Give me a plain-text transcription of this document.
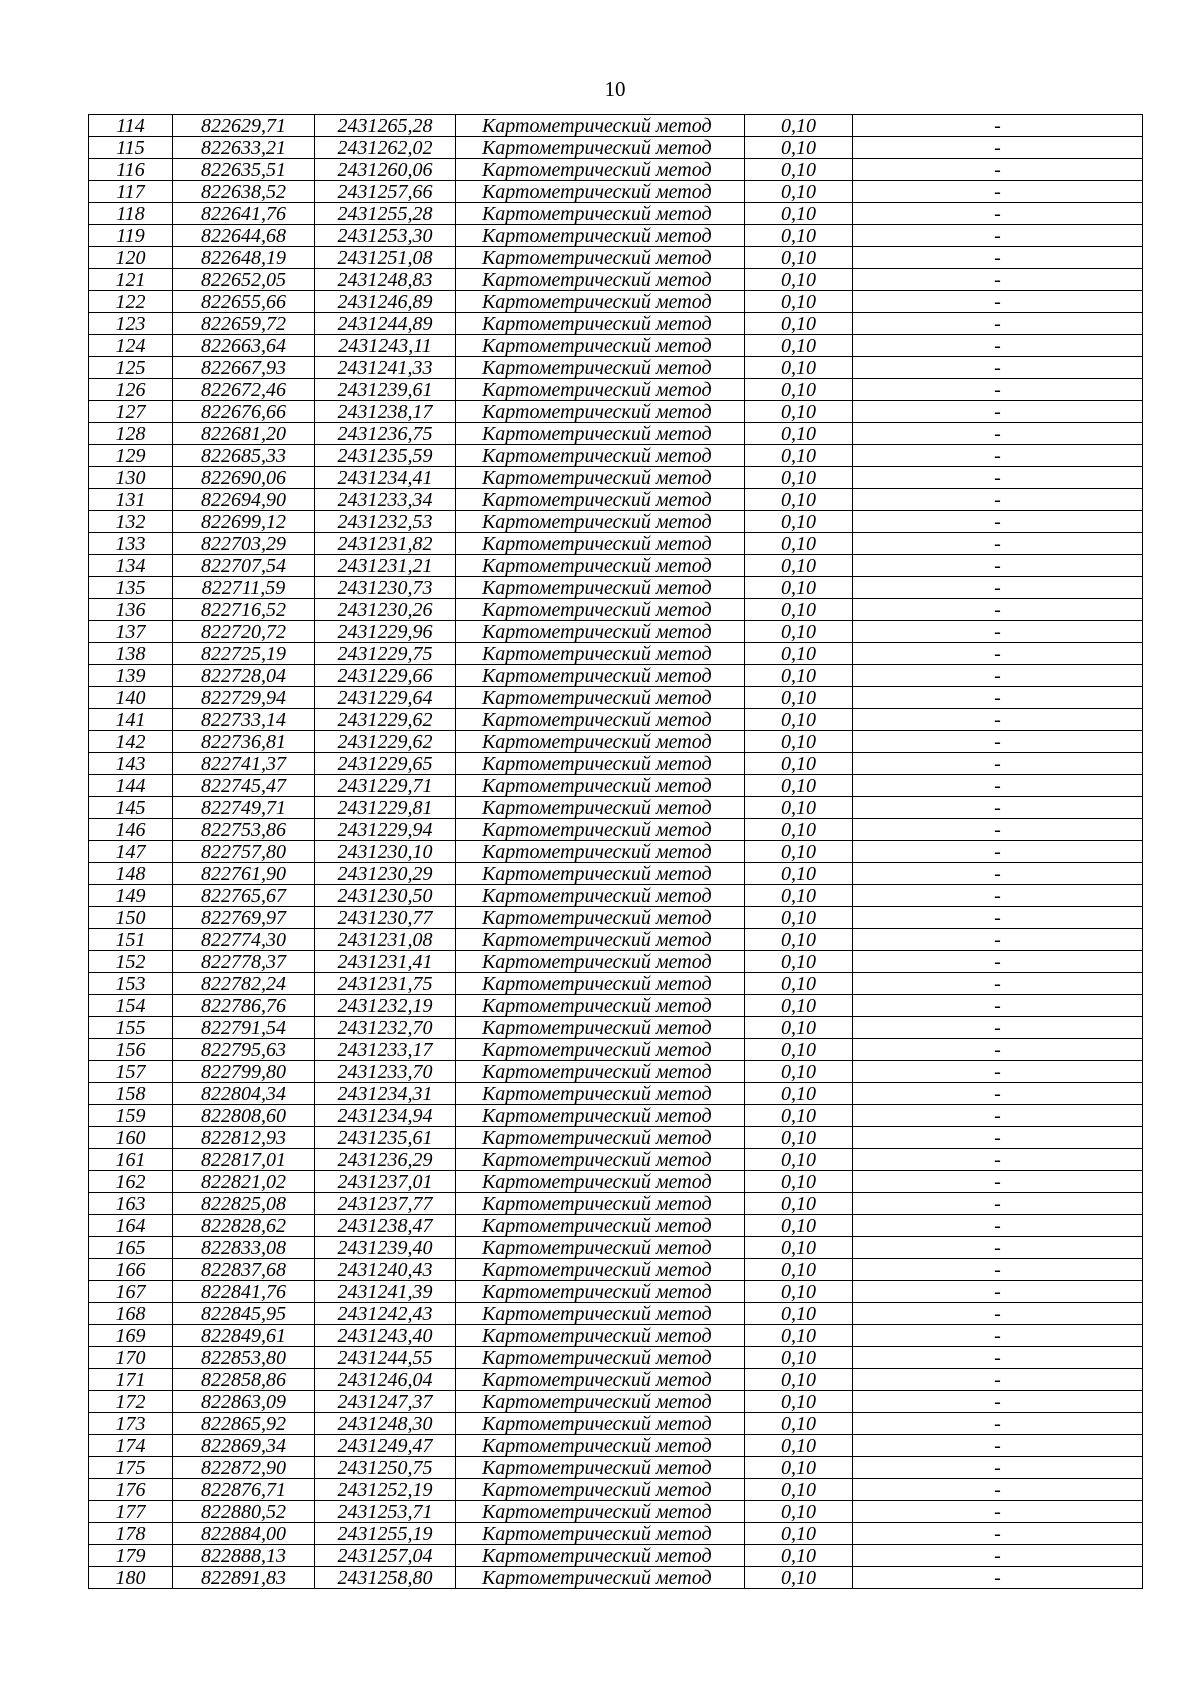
10
114	822629,71	2431265,28	Картометрический метод	0,10	-
115	822633,21	2431262,02	Картометрический метод	0,10	-
116	822635,51	2431260,06	Картометрический метод	0,10	-
117	822638,52	2431257,66	Картометрический метод	0,10	-
118	822641,76	2431255,28	Картометрический метод	0,10	-
119	822644,68	2431253,30	Картометрический метод	0,10	-
120	822648,19	2431251,08	Картометрический метод	0,10	-
121	822652,05	2431248,83	Картометрический метод	0,10	-
122	822655,66	2431246,89	Картометрический метод	0,10	-
123	822659,72	2431244,89	Картометрический метод	0,10	-
124	822663,64	2431243,11	Картометрический метод	0,10	-
125	822667,93	2431241,33	Картометрический метод	0,10	-
126	822672,46	2431239,61	Картометрический метод	0,10	-
127	822676,66	2431238,17	Картометрический метод	0,10	-
128	822681,20	2431236,75	Картометрический метод	0,10	-
129	822685,33	2431235,59	Картометрический метод	0,10	-
130	822690,06	2431234,41	Картометрический метод	0,10	-
131	822694,90	2431233,34	Картометрический метод	0,10	-
132	822699,12	2431232,53	Картометрический метод	0,10	-
133	822703,29	2431231,82	Картометрический метод	0,10	-
134	822707,54	2431231,21	Картометрический метод	0,10	-
135	822711,59	2431230,73	Картометрический метод	0,10	-
136	822716,52	2431230,26	Картометрический метод	0,10	-
137	822720,72	2431229,96	Картометрический метод	0,10	-
138	822725,19	2431229,75	Картометрический метод	0,10	-
139	822728,04	2431229,66	Картометрический метод	0,10	-
140	822729,94	2431229,64	Картометрический метод	0,10	-
141	822733,14	2431229,62	Картометрический метод	0,10	-
142	822736,81	2431229,62	Картометрический метод	0,10	-
143	822741,37	2431229,65	Картометрический метод	0,10	-
144	822745,47	2431229,71	Картометрический метод	0,10	-
145	822749,71	2431229,81	Картометрический метод	0,10	-
146	822753,86	2431229,94	Картометрический метод	0,10	-
147	822757,80	2431230,10	Картометрический метод	0,10	-
148	822761,90	2431230,29	Картометрический метод	0,10	-
149	822765,67	2431230,50	Картометрический метод	0,10	-
150	822769,97	2431230,77	Картометрический метод	0,10	-
151	822774,30	2431231,08	Картометрический метод	0,10	-
152	822778,37	2431231,41	Картометрический метод	0,10	-
153	822782,24	2431231,75	Картометрический метод	0,10	-
154	822786,76	2431232,19	Картометрический метод	0,10	-
155	822791,54	2431232,70	Картометрический метод	0,10	-
156	822795,63	2431233,17	Картометрический метод	0,10	-
157	822799,80	2431233,70	Картометрический метод	0,10	-
158	822804,34	2431234,31	Картометрический метод	0,10	-
159	822808,60	2431234,94	Картометрический метод	0,10	-
160	822812,93	2431235,61	Картометрический метод	0,10	-
161	822817,01	2431236,29	Картометрический метод	0,10	-
162	822821,02	2431237,01	Картометрический метод	0,10	-
163	822825,08	2431237,77	Картометрический метод	0,10	-
164	822828,62	2431238,47	Картометрический метод	0,10	-
165	822833,08	2431239,40	Картометрический метод	0,10	-
166	822837,68	2431240,43	Картометрический метод	0,10	-
167	822841,76	2431241,39	Картометрический метод	0,10	-
168	822845,95	2431242,43	Картометрический метод	0,10	-
169	822849,61	2431243,40	Картометрический метод	0,10	-
170	822853,80	2431244,55	Картометрический метод	0,10	-
171	822858,86	2431246,04	Картометрический метод	0,10	-
172	822863,09	2431247,37	Картометрический метод	0,10	-
173	822865,92	2431248,30	Картометрический метод	0,10	-
174	822869,34	2431249,47	Картометрический метод	0,10	-
175	822872,90	2431250,75	Картометрический метод	0,10	-
176	822876,71	2431252,19	Картометрический метод	0,10	-
177	822880,52	2431253,71	Картометрический метод	0,10	-
178	822884,00	2431255,19	Картометрический метод	0,10	-
179	822888,13	2431257,04	Картометрический метод	0,10	-
180	822891,83	2431258,80	Картометрический метод	0,10	-
